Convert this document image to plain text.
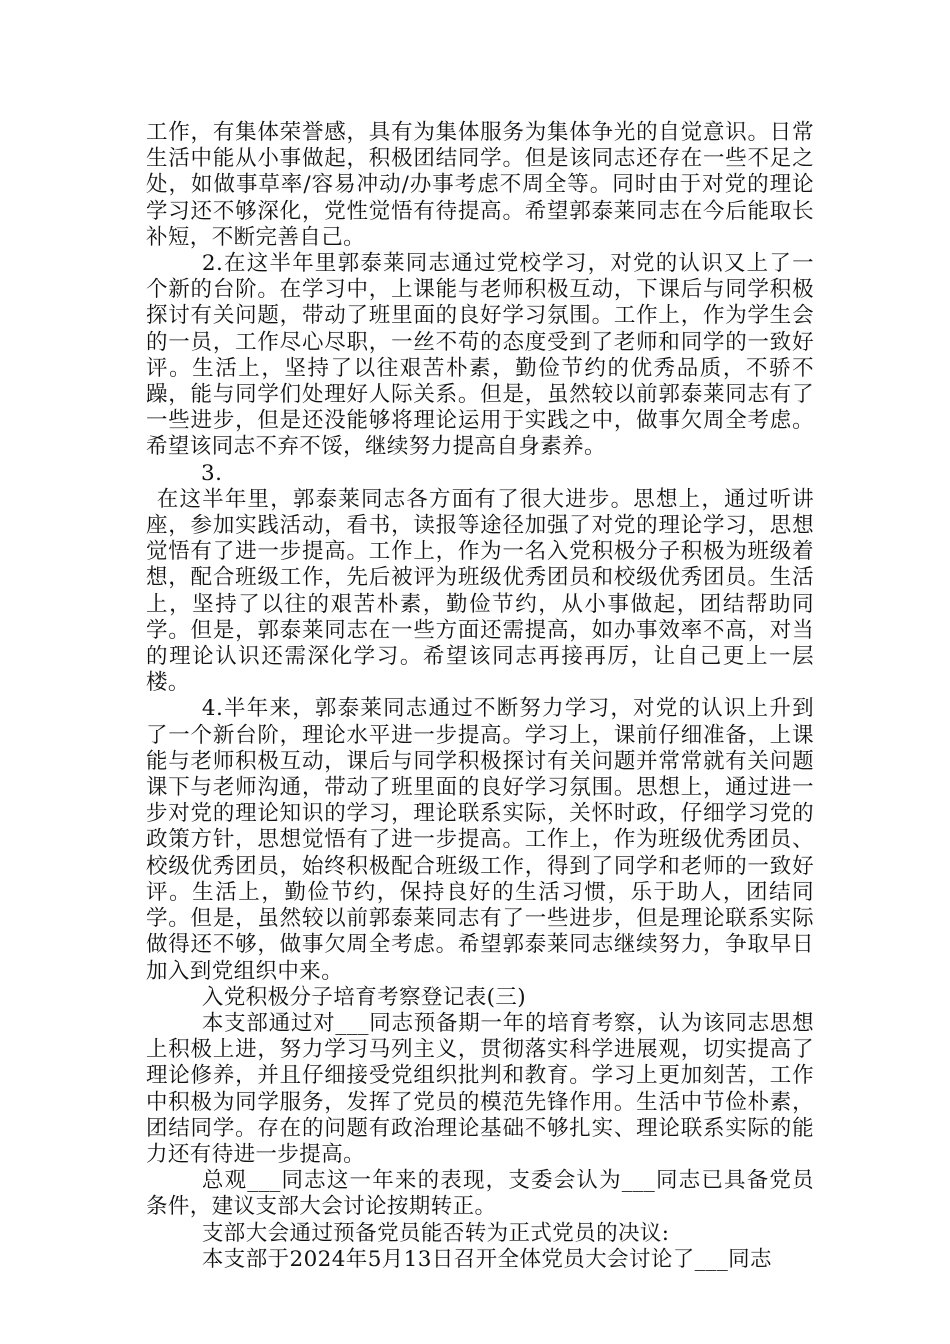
工作，有集体荣誉感，具有为集体服务为集体争光的自觉意识。日常生活中能从小事做起，积极团结同学。但是该同志还存在一些不足之处，如做事草率/容易冲动/办事考虑不周全等。同时由于对党的理论学习还不够深化，党性觉悟有待提高。希望郭泰莱同志在今后能取长补短，不断完善自己。

2.在这半年里郭泰莱同志通过党校学习，对党的认识又上了一个新的台阶。在学习中，上课能与老师积极互动，下课后与同学积极探讨有关问题，带动了班里面的良好学习氛围。工作上，作为学生会的一员，工作尽心尽职，一丝不苟的态度受到了老师和同学的一致好评。生活上，坚持了以往艰苦朴素，勤俭节约的优秀品质，不骄不躁，能与同学们处理好人际关系。但是，虽然较以前郭泰莱同志有了一些进步，但是还没能够将理论运用于实践之中，做事欠周全考虑。希望该同志不弃不馁，继续努力提高自身素养。

3.

在这半年里，郭泰莱同志各方面有了很大进步。思想上，通过听讲座，参加实践活动，看书，读报等途径加强了对党的理论学习，思想觉悟有了进一步提高。工作上，作为一名入党积极分子积极为班级着想，配合班级工作，先后被评为班级优秀团员和校级优秀团员。生活上，坚持了以往的艰苦朴素，勤俭节约，从小事做起，团结帮助同学。但是，郭泰莱同志在一些方面还需提高，如办事效率不高，对当的理论认识还需深化学习。希望该同志再接再厉，让自己更上一层楼。

4.半年来，郭泰莱同志通过不断努力学习，对党的认识上升到了一个新台阶，理论水平进一步提高。学习上，课前仔细准备，上课能与老师积极互动，课后与同学积极探讨有关问题并常常就有关问题课下与老师沟通，带动了班里面的良好学习氛围。思想上，通过进一步对党的理论知识的学习，理论联系实际，关怀时政，仔细学习党的政策方针，思想觉悟有了进一步提高。工作上，作为班级优秀团员、校级优秀团员，始终积极配合班级工作，得到了同学和老师的一致好评。生活上，勤俭节约，保持良好的生活习惯，乐于助人，团结同学。但是，虽然较以前郭泰莱同志有了一些进步，但是理论联系实际做得还不够，做事欠周全考虑。希望郭泰莱同志继续努力，争取早日加入到党组织中来。

入党积极分子培育考察登记表(三)

本支部通过对___同志预备期一年的培育考察，认为该同志思想上积极上进，努力学习马列主义，贯彻落实科学进展观，切实提高了理论修养，并且仔细接受党组织批判和教育。学习上更加刻苦，工作中积极为同学服务，发挥了党员的模范先锋作用。生活中节俭朴素，团结同学。存在的问题有政治理论基础不够扎实、理论联系实际的能力还有待进一步提高。

总观___同志这一年来的表现，支委会认为___同志已具备党员条件，建议支部大会讨论按期转正。

支部大会通过预备党员能否转为正式党员的决议:

本支部于2024年5月13日召开全体党员大会讨论了___同志
